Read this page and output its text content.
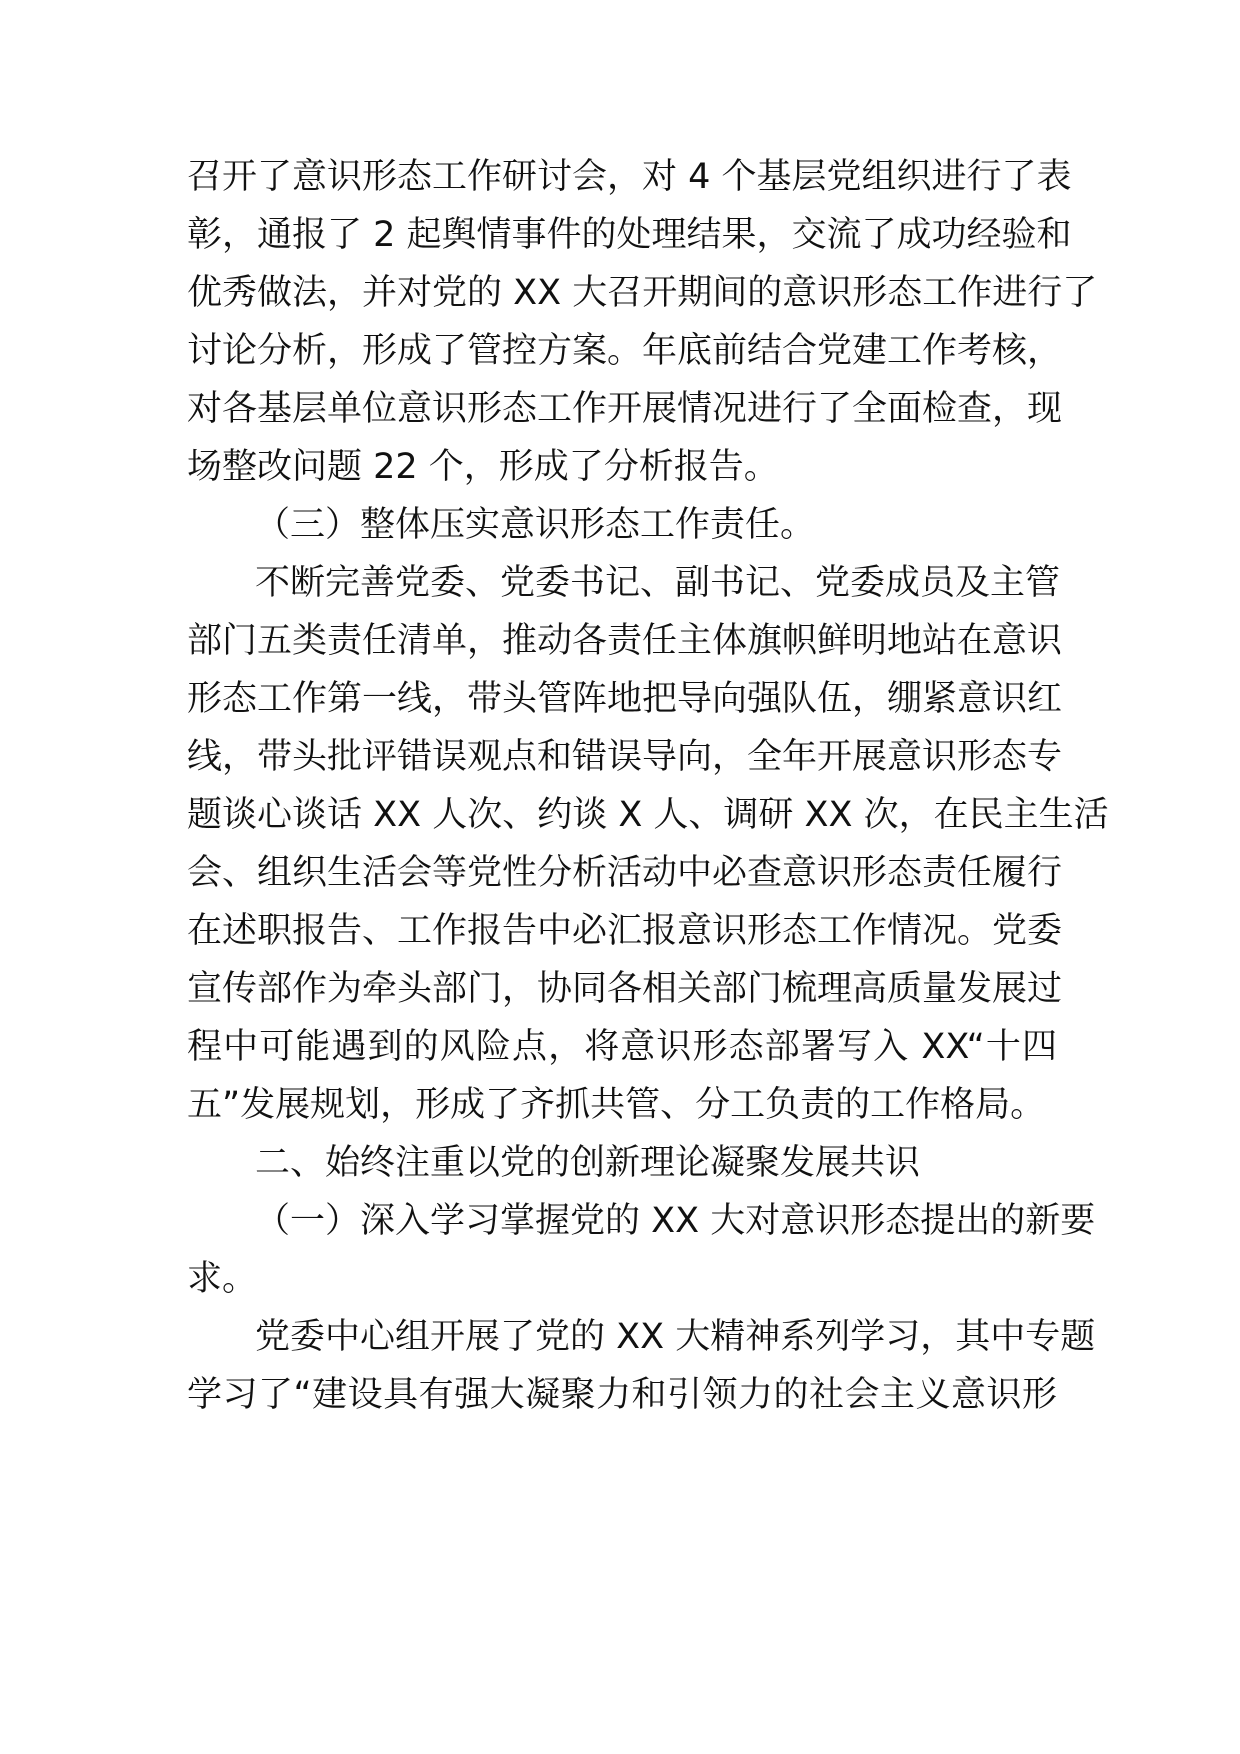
召开了意识形态工作研讨会，对 4 个基层党组织进行了表
彰，通报了 2 起舆情事件的处理结果，交流了成功经验和
优秀做法，并对党的 XX 大召开期间的意识形态工作进行了
讨论分析，形成了管控方案。年底前结合党建工作考核，
对各基层单位意识形态工作开展情况进行了全面检查，现
场整改问题 22 个，形成了分析报告。
（三）整体压实意识形态工作责任。
不断完善党委、党委书记、副书记、党委成员及主管
部门五类责任清单，推动各责任主体旗帜鲜明地站在意识
形态工作第一线，带头管阵地把导向强队伍，绷紧意识红
线，带头批评错误观点和错误导向，全年开展意识形态专
题谈心谈话 XX 人次、约谈 X 人、调研 XX 次，在民主生活
会、组织生活会等党性分析活动中必查意识形态责任履行
在述职报告、工作报告中必汇报意识形态工作情况。党委
宣传部作为牵头部门，协同各相关部门梳理高质量发展过
程中可能遇到的风险点，将意识形态部署写入 XX“十四
五”发展规划，形成了齐抓共管、分工负责的工作格局。
二、始终注重以党的创新理论凝聚发展共识
（一）深入学习掌握党的 XX 大对意识形态提出的新要
求。
党委中心组开展了党的 XX 大精神系列学习，其中专题
学习了“建设具有强大凝聚力和引领力的社会主义意识形
